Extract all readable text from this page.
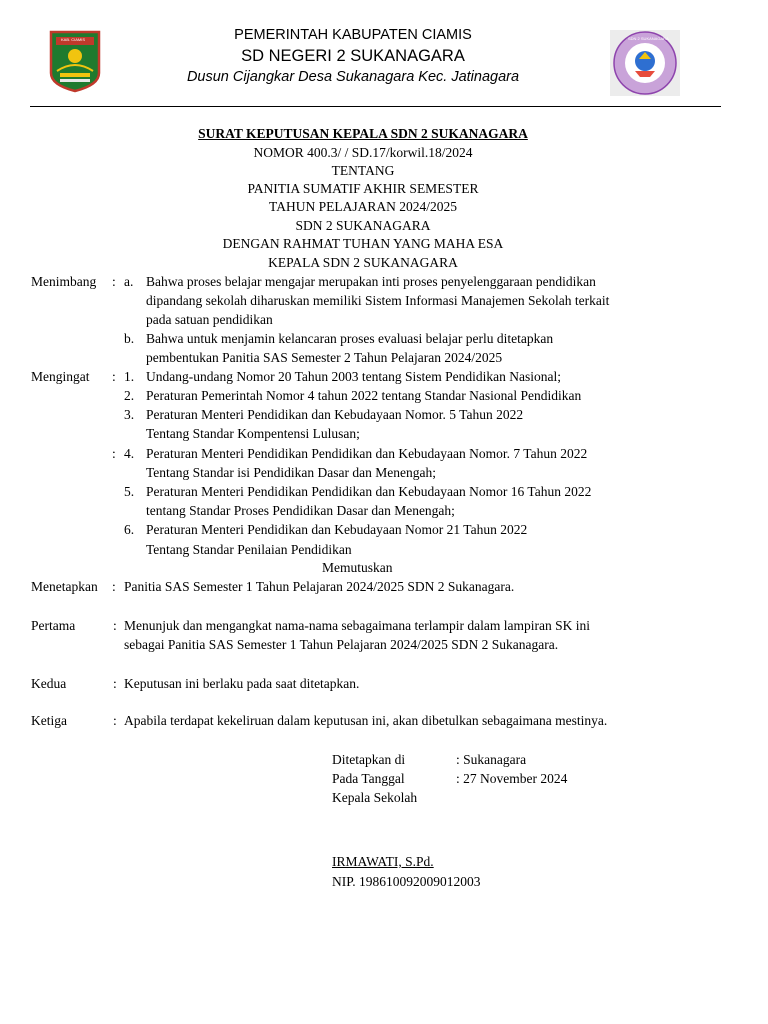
KAB. CIAMIS	SDN 2 SUKANAGARA
PEMERINTAH KABUPATEN CIAMIS
SD NEGERI 2 SUKANAGARA
Dusun Cijangkar Desa Sukanagara Kec. Jatinagara
SURAT KEPUTUSAN KEPALA SDN 2 SUKANAGARA
NOMOR 400.3/ / SD.17/korwil.18/2024
TENTANG
PANITIA SUMATIF AKHIR SEMESTER
TAHUN PELAJARAN 2024/2025
SDN 2 SUKANAGARA
DENGAN RAHMAT TUHAN YANG MAHA ESA
KEPALA SDN 2 SUKANAGARA
Menimbang : a. Bahwa proses belajar mengajar merupakan inti proses penyelenggaraan pendidikan
dipandang sekolah diharuskan memiliki Sistem Informasi Manajemen Sekolah terkait
pada satuan pendidikan
b. Bahwa untuk menjamin kelancaran proses evaluasi belajar perlu ditetapkan
pembentukan Panitia SAS Semester 2 Tahun Pelajaran 2024/2025
Mengingat : 1. Undang-undang Nomor 20 Tahun 2003 tentang Sistem Pendidikan Nasional;
2. Peraturan Pemerintah Nomor 4 tahun 2022 tentang Standar Nasional Pendidikan
3. Peraturan Menteri Pendidikan dan Kebudayaan Nomor. 5 Tahun 2022
Tentang Standar Kompentensi Lulusan;
: 4. Peraturan Menteri Pendidikan Pendidikan dan Kebudayaan Nomor. 7 Tahun 2022
Tentang Standar isi Pendidikan Dasar dan Menengah;
5. Peraturan Menteri Pendidikan Pendidikan dan Kebudayaan Nomor 16 Tahun 2022
tentang Standar Proses Pendidikan Dasar dan Menengah;
6. Peraturan Menteri Pendidikan dan Kebudayaan Nomor 21 Tahun 2022
Tentang Standar Penilaian Pendidikan
Memutuskan
Menetapkan : Panitia SAS Semester 1 Tahun Pelajaran 2024/2025 SDN 2 Sukanagara.
Pertama	: Menunjuk dan mengangkat nama-nama sebagaimana terlampir dalam lampiran SK ini
sebagai Panitia SAS Semester 1 Tahun Pelajaran 2024/2025 SDN 2 Sukanagara.
Kedua	: Keputusan ini berlaku pada saat ditetapkan.
Ketiga	: Apabila terdapat kekeliruan dalam keputusan ini, akan dibetulkan sebagaimana mestinya.
Ditetapkan di	: Sukanagara
Pada Tanggal	: 27 November 2024
Kepala Sekolah
IRMAWATI, S.Pd.
NIP. 198610092009012003
